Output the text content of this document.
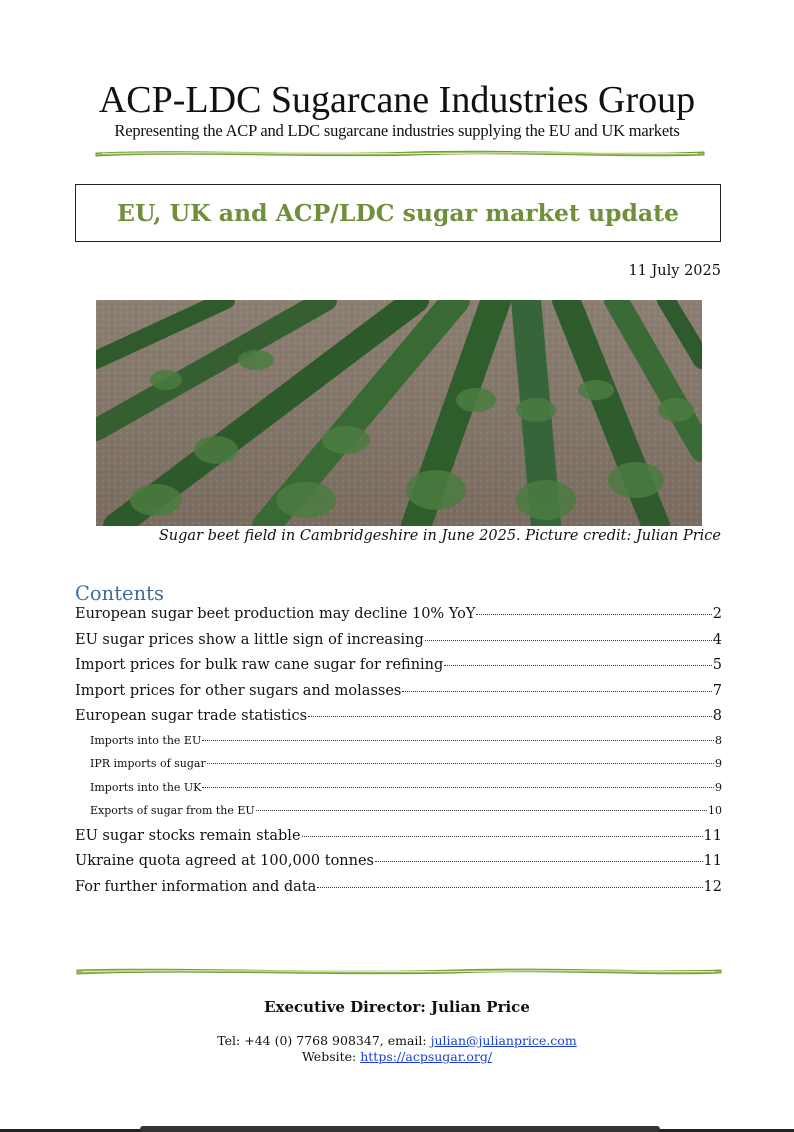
ACP-LDC Sugarcane Industries Group
Representing the ACP and LDC sugarcane industries supplying the EU and UK markets
EU, UK and ACP/LDC sugar market update
11 July 2025
Sugar beet field in Cambridgeshire in June 2025. Picture credit: Julian Price
Contents
European sugar beet production may decline 10% YoY	2
EU sugar prices show a little sign of increasing	4
Import prices for bulk raw cane sugar for refining	5
Import prices for other sugars and molasses	7
European sugar trade statistics	8
Imports into the EU	8
IPR imports of sugar	9
Imports into the UK	9
Exports of sugar from the EU	10
EU sugar stocks remain stable	11
Ukraine quota agreed at 100,000 tonnes	11
For further information and data	12
Executive Director: Julian Price
Tel: +44 (0) 7768 908347, email: julian@julianprice.com
Website: https://acpsugar.org/
